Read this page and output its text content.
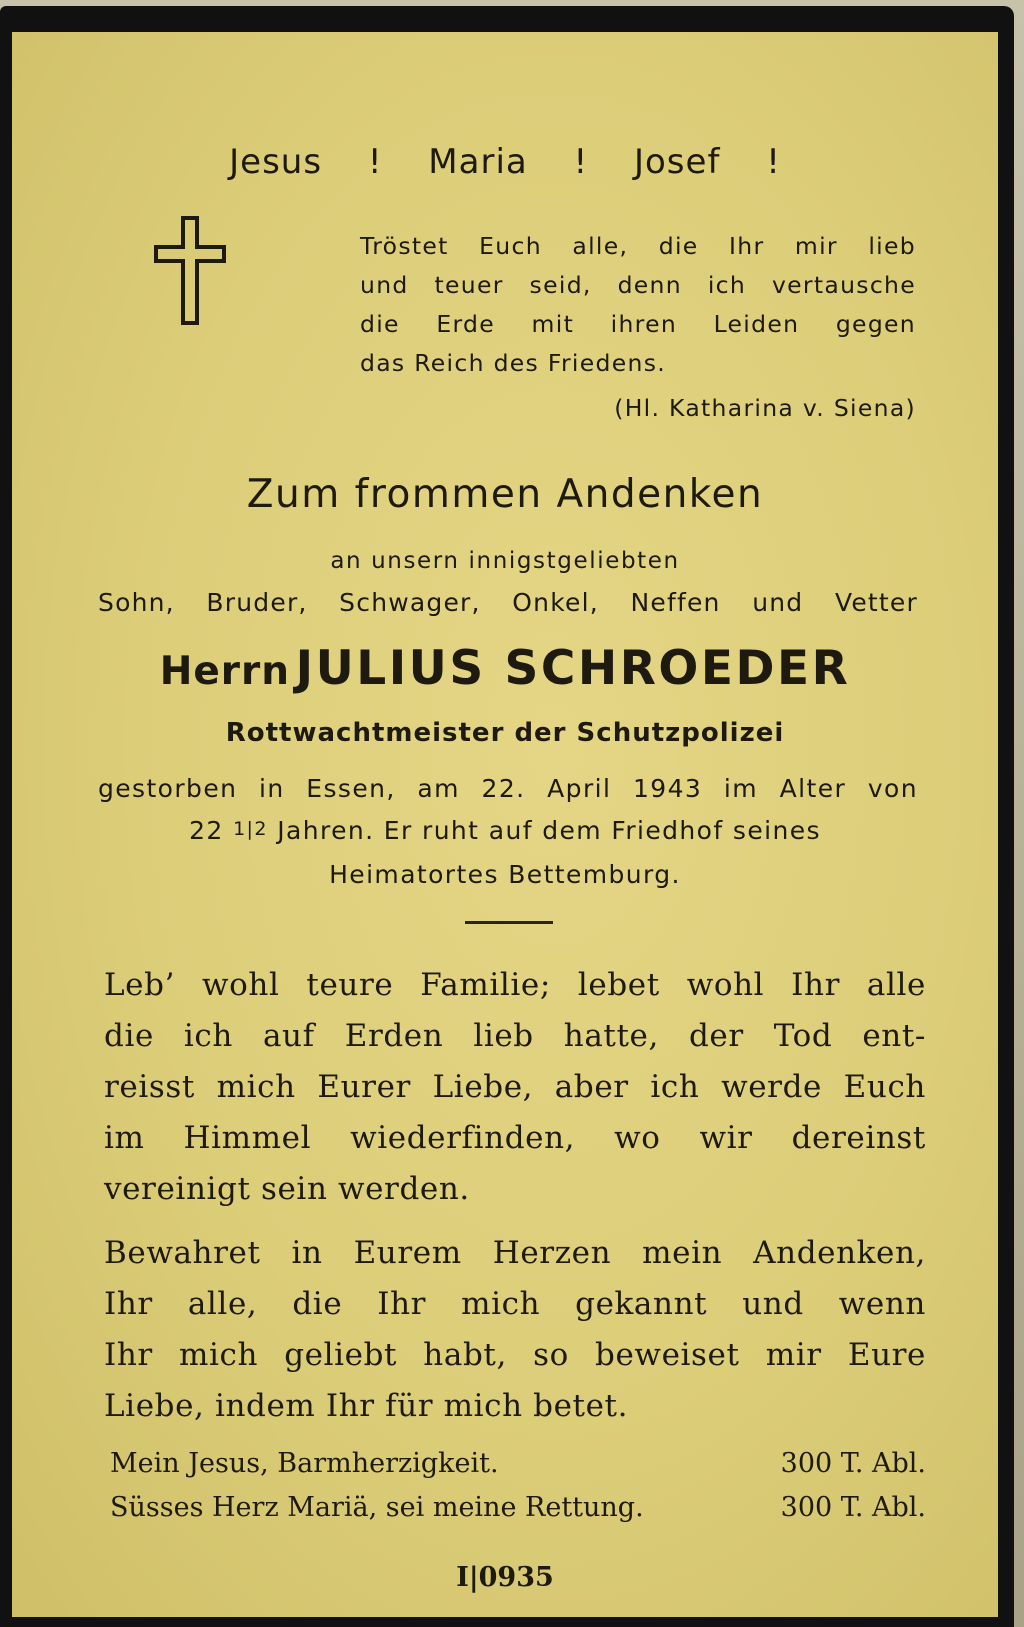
Jesus ! Maria ! Josef !
Tröstet Euch alle, die Ihr mir lieb
und teuer seid, denn ich vertausche
die Erde mit ihren Leiden gegen
das Reich des Friedens.
(Hl. Katharina v. Siena)
Zum frommen Andenken
an unsern innigstgeliebten
Sohn, Bruder, Schwager, Onkel, Neffen und Vetter
Herrn JULIUS SCHROEDER
Rottwachtmeister der Schutzpolizei
gestorben in Essen, am 22. April 1943 im Alter von
22 1|2 Jahren. Er ruht auf dem Friedhof seines
Heimatortes Bettemburg.
Leb’ wohl teure Familie; lebet wohl Ihr alle
die ich auf Erden lieb hatte, der Tod ent-
reisst mich Eurer Liebe, aber ich werde Euch
im Himmel wiederfinden, wo wir dereinst
vereinigt sein werden.
Bewahret in Eurem Herzen mein Andenken,
Ihr alle, die Ihr mich gekannt und wenn
Ihr mich geliebt habt, so beweiset mir Eure
Liebe, indem Ihr für mich betet.
Mein Jesus, Barmherzigkeit.	300 T. Abl.
Süsses Herz Mariä, sei meine Rettung.	300 T. Abl.
I|0935
